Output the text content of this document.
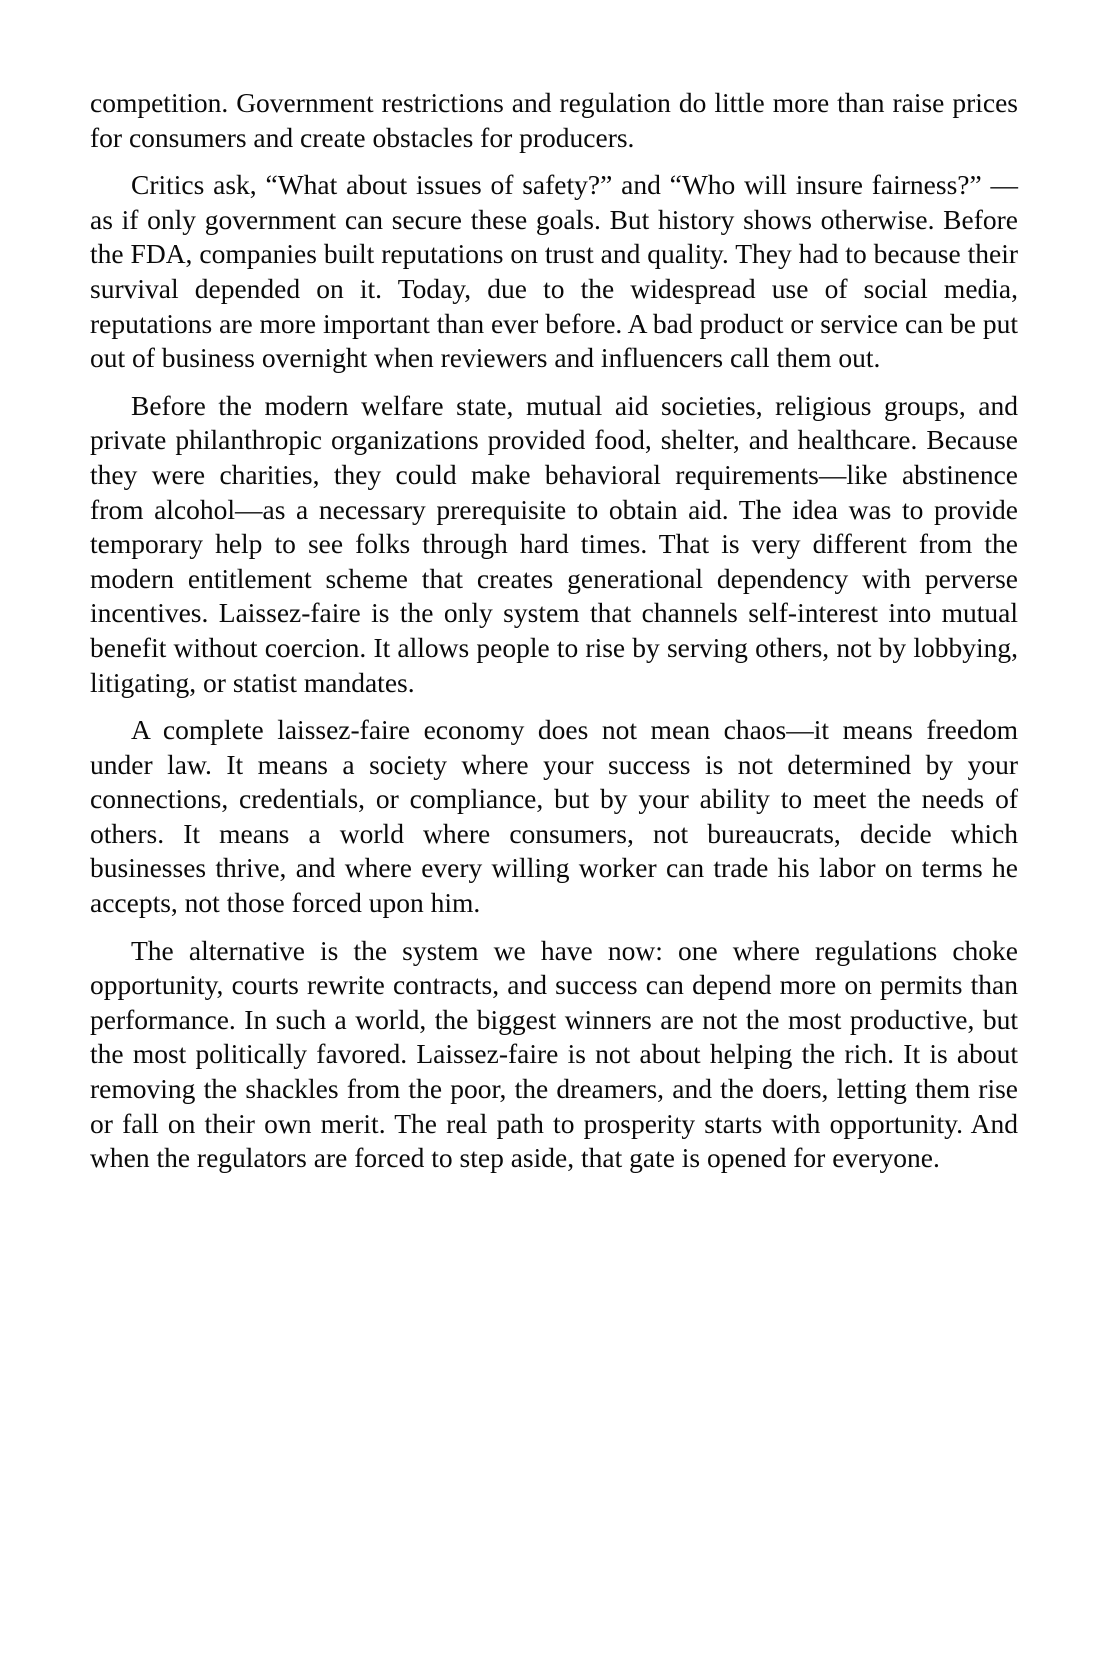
competition. Government restrictions and regulation do little more than raise prices for consumers and create obstacles for producers.

Critics ask, “What about issues of safety?” and “Who will insure fairness?” — as if only government can secure these goals. But history shows otherwise. Before the FDA, companies built reputations on trust and quality. They had to because their survival depended on it. Today, due to the widespread use of social media, reputations are more important than ever before. A bad product or service can be put out of business overnight when reviewers and influencers call them out.

Before the modern welfare state, mutual aid societies, religious groups, and private philanthropic organizations provided food, shelter, and healthcare. Because they were charities, they could make behavioral requirements—like abstinence from alcohol—as a necessary prerequisite to obtain aid. The idea was to provide temporary help to see folks through hard times. That is very different from the modern entitlement scheme that creates generational dependency with perverse incentives. Laissez-faire is the only system that channels self-interest into mutual benefit without coercion. It allows people to rise by serving others, not by lobbying, litigating, or statist mandates.

A complete laissez-faire economy does not mean chaos—it means freedom under law. It means a society where your success is not determined by your connections, credentials, or compliance, but by your ability to meet the needs of others. It means a world where consumers, not bureaucrats, decide which businesses thrive, and where every willing worker can trade his labor on terms he accepts, not those forced upon him.

The alternative is the system we have now: one where regulations choke opportunity, courts rewrite contracts, and success can depend more on permits than performance. In such a world, the biggest winners are not the most productive, but the most politically favored. Laissez-faire is not about helping the rich. It is about removing the shackles from the poor, the dreamers, and the doers, letting them rise or fall on their own merit. The real path to prosperity starts with opportunity. And when the regulators are forced to step aside, that gate is opened for everyone.
